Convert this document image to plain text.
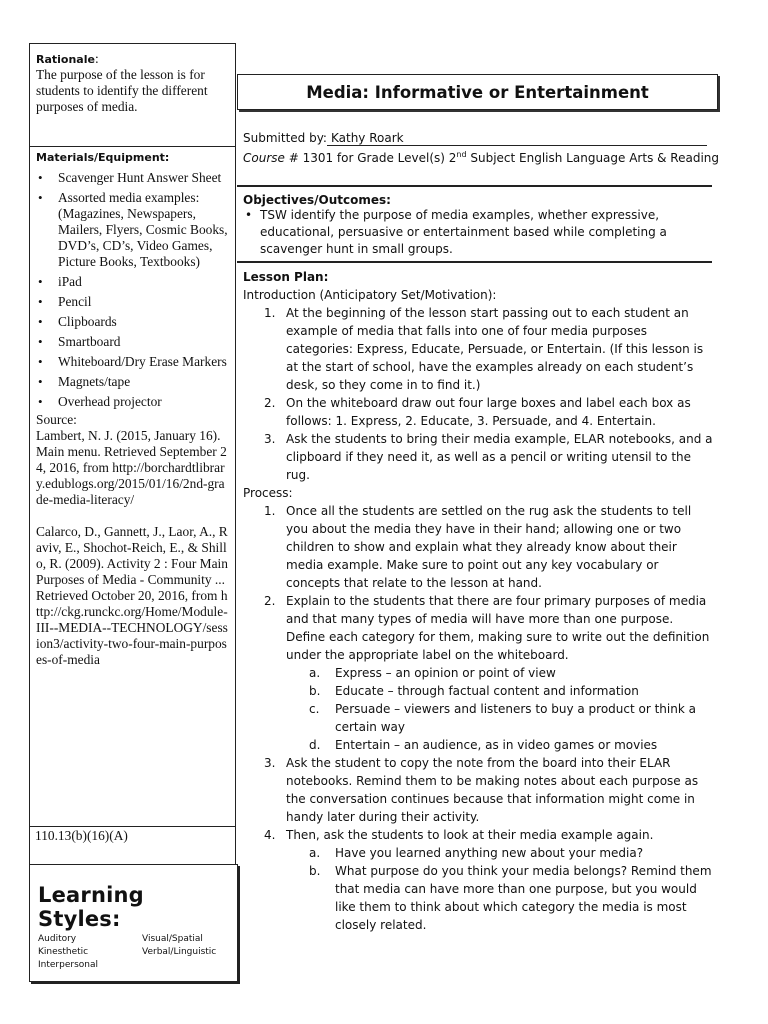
Rationale:
The purpose of the lesson is for students to identify the different purposes of media.
Materials/Equipment:
• Scavenger Hunt Answer Sheet
• Assorted media examples: (Magazines, Newspapers, Mailers, Flyers, Cosmic Books, DVD’s, CD’s, Video Games, Picture Books, Textbooks)
• iPad
• Pencil
• Clipboards
• Smartboard
• Whiteboard/Dry Erase Markers
• Magnets/tape
• Overhead projector

Source:

Lambert, N. J. (2015, January 16). Main menu. Retrieved September 24, 2016, from http://borchardtlibrary.edublogs.org/2015/01/16/2nd-grade-media-literacy/

Calarco, D., Gannett, J., Laor, A., Raviv, E., Shochot-Reich, E., & Shillo, R. (2009). Activity 2 : Four Main Purposes of Media - Community ... Retrieved October 20, 2016, from http://ckg.runckc.org/Home/Module-III--MEDIA--TECHNOLOGY/session3/activity-two-four-main-purposes-of-media

110.13(b)(16)(A)
Learning Styles:
Auditory	Visual/Spatial
Kinesthetic	Verbal/Linguistic
Interpersonal
Media: Informative or Entertainment
Submitted by: Kathy Roark
Course # 1301 for Grade Level(s) 2nd Subject English Language Arts & Reading
Objectives/Outcomes:
• TSW identify the purpose of media examples, whether expressive, educational, persuasive or entertainment based while completing a scavenger hunt in small groups.
Lesson Plan:
Introduction (Anticipatory Set/Motivation):
1. At the beginning of the lesson start passing out to each student an example of media that falls into one of four media purposes categories: Express, Educate, Persuade, or Entertain. (If this lesson is at the start of school, have the examples already on each student’s desk, so they come in to find it.)
2. On the whiteboard draw out four large boxes and label each box as follows: 1. Express, 2. Educate, 3. Persuade, and 4. Entertain.
3. Ask the students to bring their media example, ELAR notebooks, and a clipboard if they need it, as well as a pencil or writing utensil to the rug.
Process:
1. Once all the students are settled on the rug ask the students to tell you about the media they have in their hand; allowing one or two children to show and explain what they already know about their media example. Make sure to point out any key vocabulary or concepts that relate to the lesson at hand.
2. Explain to the students that there are four primary purposes of media and that many types of media will have more than one purpose. Define each category for them, making sure to write out the definition under the appropriate label on the whiteboard.
a. Express – an opinion or point of view
b. Educate – through factual content and information
c. Persuade – viewers and listeners to buy a product or think a certain way
d. Entertain – an audience, as in video games or movies
3. Ask the student to copy the note from the board into their ELAR notebooks. Remind them to be making notes about each purpose as the conversation continues because that information might come in handy later during their activity.
4. Then, ask the students to look at their media example again.
a. Have you learned anything new about your media?
b. What purpose do you think your media belongs? Remind them that media can have more than one purpose, but you would like them to think about which category the media is most closely related.
